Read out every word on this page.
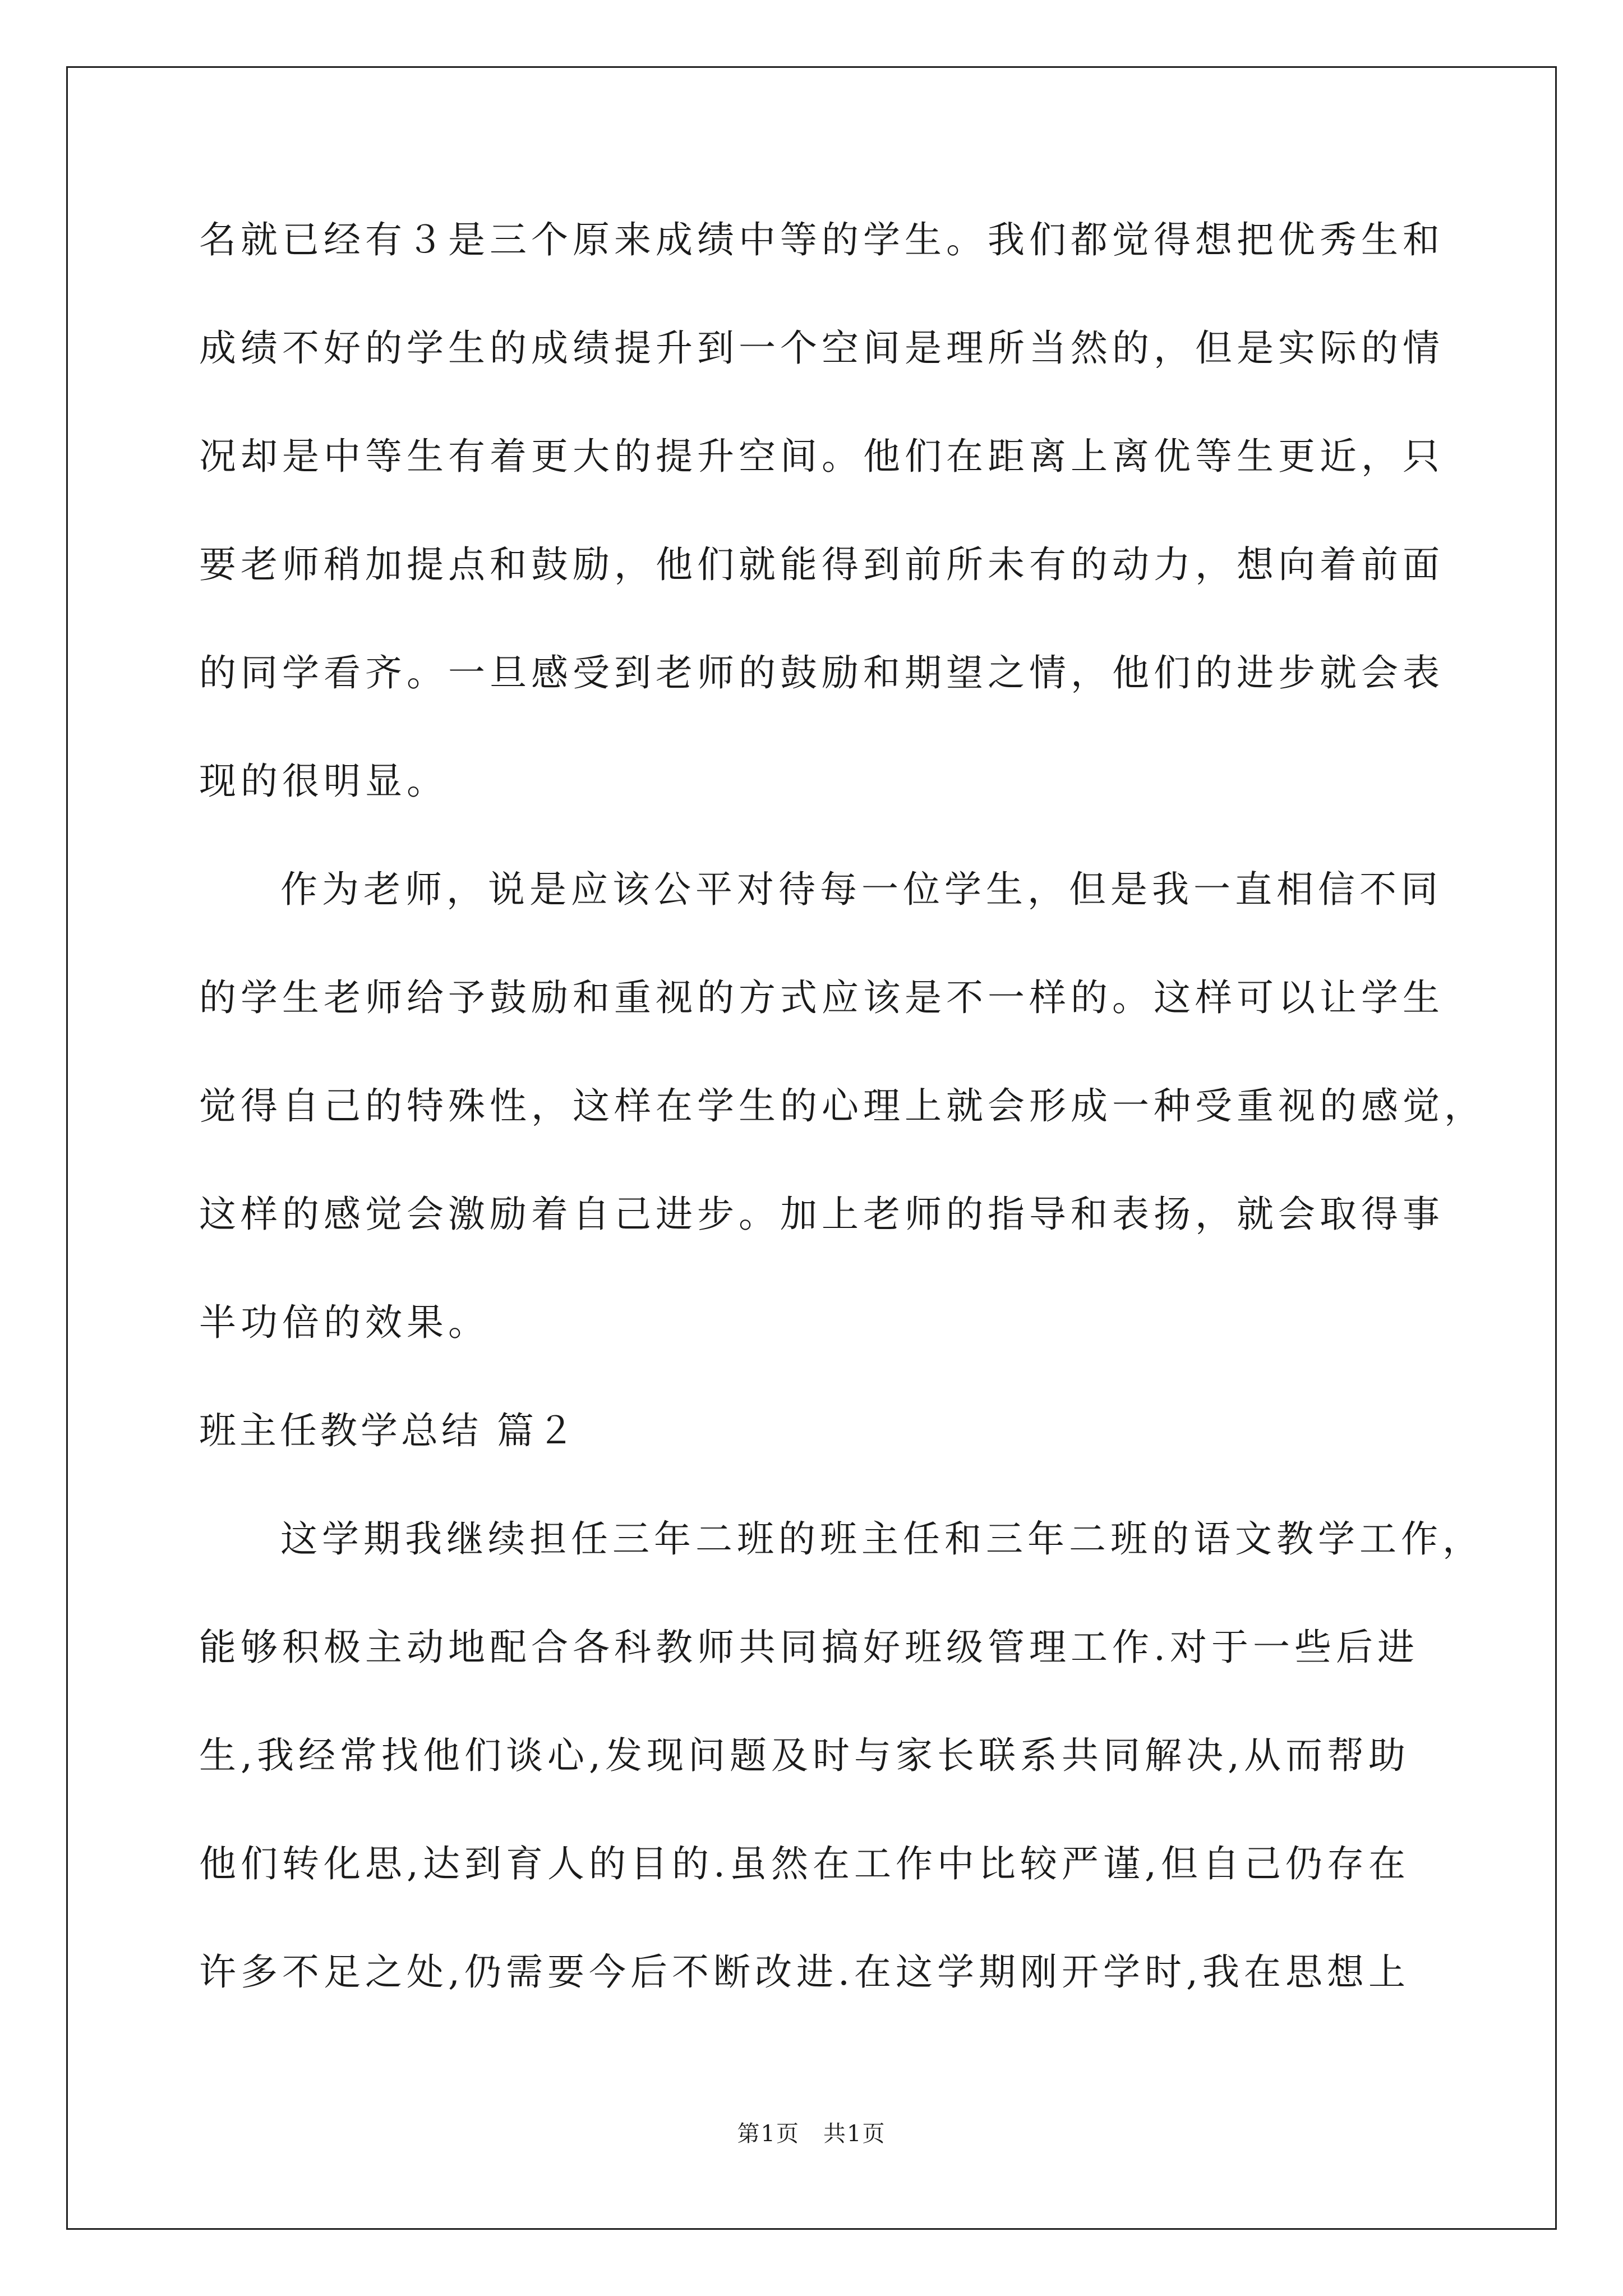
名就已经有３是三个原来成绩中等的学生。我们都觉得想把优秀生和
成绩不好的学生的成绩提升到一个空间是理所当然的，但是实际的情
况却是中等生有着更大的提升空间。他们在距离上离优等生更近，只
要老师稍加提点和鼓励，他们就能得到前所未有的动力，想向着前面
的同学看齐。一旦感受到老师的鼓励和期望之情，他们的进步就会表
现的很明显。
作为老师，说是应该公平对待每一位学生，但是我一直相信不同
的学生老师给予鼓励和重视的方式应该是不一样的。这样可以让学生
觉得自己的特殊性，这样在学生的心理上就会形成一种受重视的感觉，
这样的感觉会激励着自己进步。加上老师的指导和表扬，就会取得事
半功倍的效果。
班主任教学总结 篇２
这学期我继续担任三年二班的班主任和三年二班的语文教学工作，
能够积极主动地配合各科教师共同搞好班级管理工作.对于一些后进
生,我经常找他们谈心,发现问题及时与家长联系共同解决,从而帮助
他们转化思,达到育人的目的.虽然在工作中比较严谨,但自己仍存在
许多不足之处,仍需要今后不断改进.在这学期刚开学时,我在思想上
第1页　共1页
